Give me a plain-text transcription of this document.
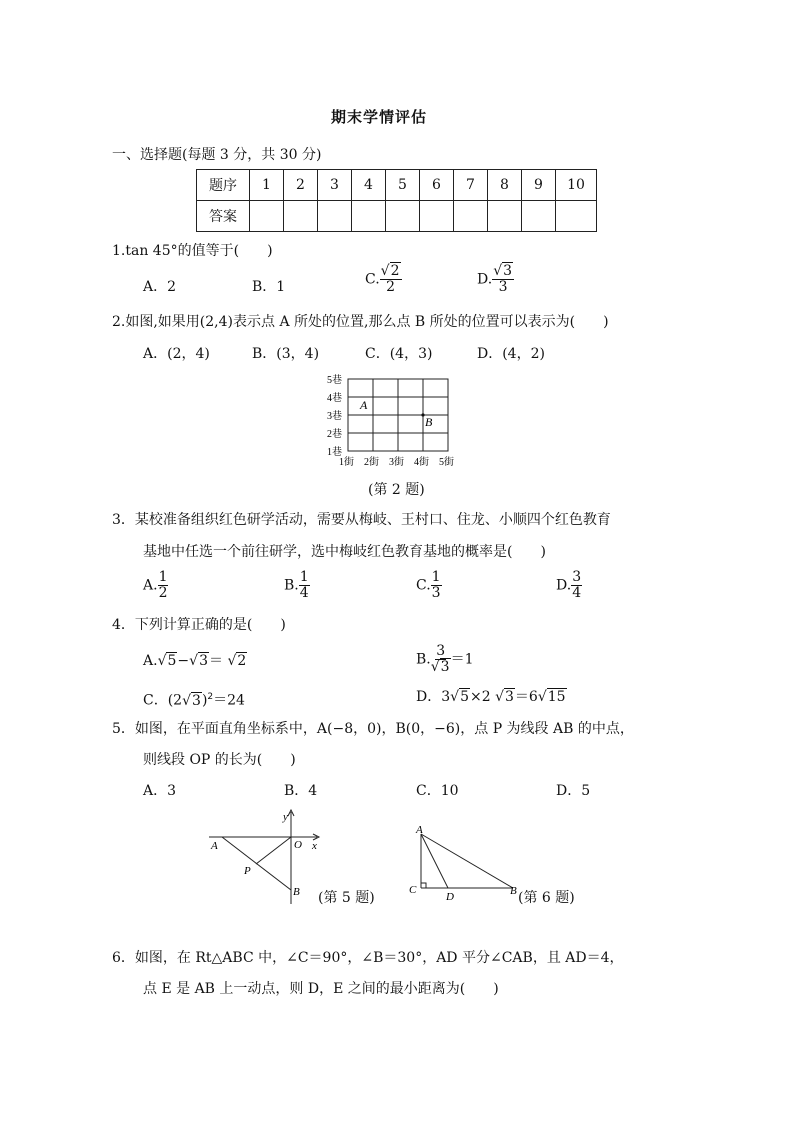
期末学情评估
一、选择题(每题 3 分，共 30 分)
题序	1	2	3	4	5	6	7	8	9	10
答案										
1.tan 45°的值等于(　　)
A．2	B．1	C. $\frac{√2}{2}$	D. $\frac{√3}{3}$
2.如图,如果用(2,4)表示点 A 所处的位置,那么点 B 所处的位置可以表示为(　　)
A．(2，4)	B．(3，4)	C．(4，3)	D．(4，2)
5巷
4巷
3巷
2巷
1巷
1街 2街 3街 4街 5街
A
B
(第 2 题)
3．某校准备组织红色研学活动，需要从梅岐、王村口、住龙、小顺四个红色教育
基地中任选一个前往研学，选中梅岐红色教育基地的概率是(　　)
A. $\frac{1}{2}$	B. $\frac{1}{4}$	C. $\frac{1}{3}$	D. $\frac{3}{4}$
4．下列计算正确的是(　　)
A.√5−√3＝ √2	B. $\frac{3}{√3} =1$
C．$(2√3)^2=24$	D．3√5×2 √3＝6√15
5．如图，在平面直角坐标系中，A(−8，0)，B(0，−6)，点 P 为线段 AB 的中点，
则线段 OP 的长为(　　)
A．3	B．4	C．10	D．5
y
x
O
A
P
B (第 5 题)
A
C
D	B (第 6 题)
6．如图，在 Rt△ABC 中，∠C＝90°，∠B＝30°，AD 平分∠CAB，且 AD＝4，
点 E 是 AB 上一动点，则 D，E 之间的最小距离为(　　)
